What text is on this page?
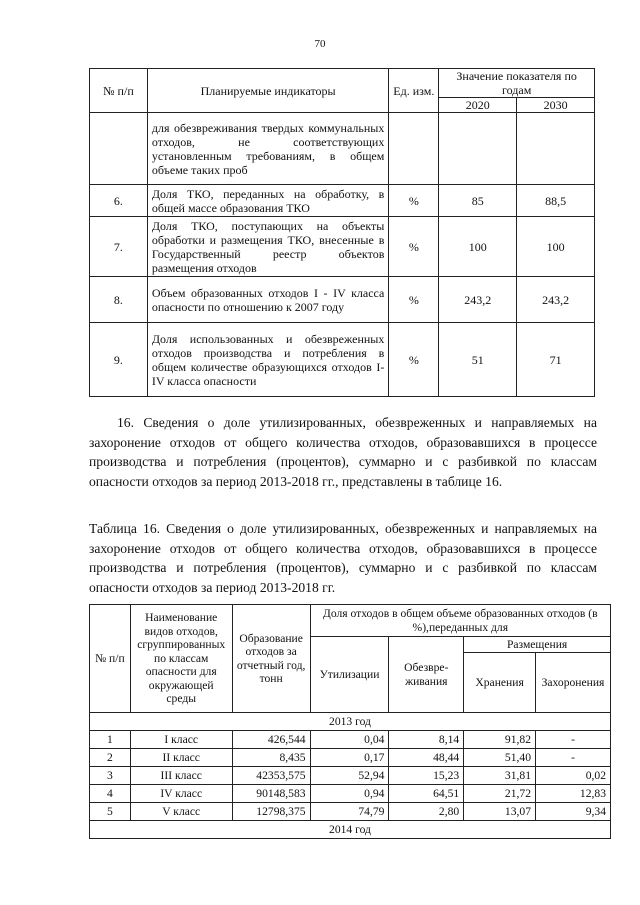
70
№ п/п	Планируемые индикаторы	Ед. изм.	Значение показателя по годам	
			2020	2030
	для обезвреживания твердых коммунальных отходов, не соответствующих установленным требованиям, в общем объеме таких проб			
6.	Доля ТКО, переданных на обработку, в общей массе образования ТКО	%	85	88,5
7.	Доля ТКО, поступающих на объекты обработки и размещения ТКО, внесенные в Государственный реестр объектов размещения отходов	%	100	100
8.	Объем образованных отходов I - IV класса опасности по отношению к 2007 году	%	243,2	243,2
9.	Доля использованных и обезвреженных отходов производства и потребления в общем количестве образующихся отходов I-IV класса опасности	%	51	71

16. Сведения о доле утилизированных, обезвреженных и направляемых на захоронение отходов от общего количества отходов, образовавшихся в процессе производства и потребления (процентов), суммарно и с разбивкой по классам опасности отходов за период 2013-2018 гг., представлены в таблице 16.

Таблица 16. Сведения о доле утилизированных, обезвреженных и направляемых на захоронение отходов от общего количества отходов, образовавшихся в процессе производства и потребления (процентов), суммарно и с разбивкой по классам опасности отходов за период 2013-2018 гг.

№ п/п	Наименование видов отходов, сгруппированных по классам опасности для окружающей среды	Образование отходов за отчетный год, тонн	Доля отходов в общем объеме образованных отходов (в %),переданных для			
			Утилизации	Обезвре-живания	Размещения	
					Хранения	Захоронения
2013 год						
1	I класс	426,544	0,04	8,14	91,82	-
2	II класс	8,435	0,17	48,44	51,40	-
3	III класс	42353,575	52,94	15,23	31,81	0,02
4	IV класс	90148,583	0,94	64,51	21,72	12,83
5	V класс	12798,375	74,79	2,80	13,07	9,34
2014 год						
